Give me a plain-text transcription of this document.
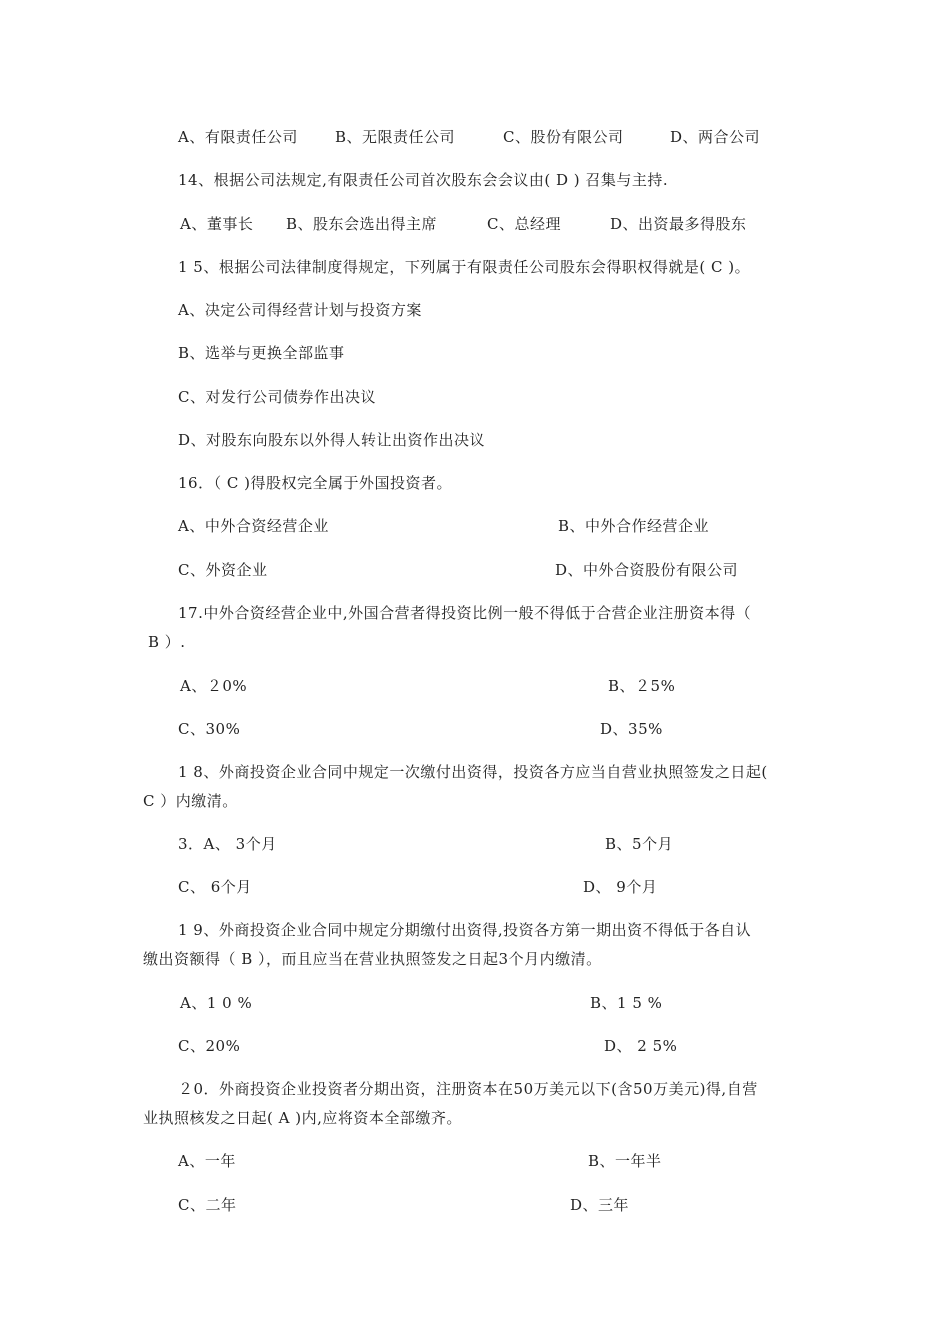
A、有限责任公司 B、无限责任公司	C、股份有限公司	D、两合公司
14、根据公司法规定,有限责任公司首次股东会会议由( D ) 召集与主持.
A、董事长 B、股东会选出得主席	C、总经理	D、出资最多得股东
1 5、根据公司法律制度得规定，下列属于有限责任公司股东会得职权得就是( C )。
A、决定公司得经营计划与投资方案
B、选举与更换全部监事
C、对发行公司债券作出决议
D、对股东向股东以外得人转让出资作出决议
16．（ C )得股权完全属于外国投资者。
A、中外合资经营企业	B、中外合作经营企业
C、外资企业	D、中外合资股份有限公司
17.中外合资经营企业中,外国合营者得投资比例一般不得低于合营企业注册资本得（
B ）.
A、２0%	B、２5%
C、30%	D、35%
1 8、外商投资企业合同中规定一次缴付出资得，投资各方应当自营业执照签发之日起(
C ）内缴清。
3．A、 3个月	B、5个月
C、 6个月	D、 9个月
1 9、外商投资企业合同中规定分期缴付出资得,投资各方第一期出资不得低于各自认
缴出资额得（ B ），而且应当在营业执照签发之日起3个月内缴清。
A、1 0 %	B、1 5 %
C、20%	D、 2 5%
２0．外商投资企业投资者分期出资，注册资本在50万美元以下(含50万美元)得,自营
业执照核发之日起( A )内,应将资本全部缴齐。
A、一年	B、一年半
C、二年	D、三年
